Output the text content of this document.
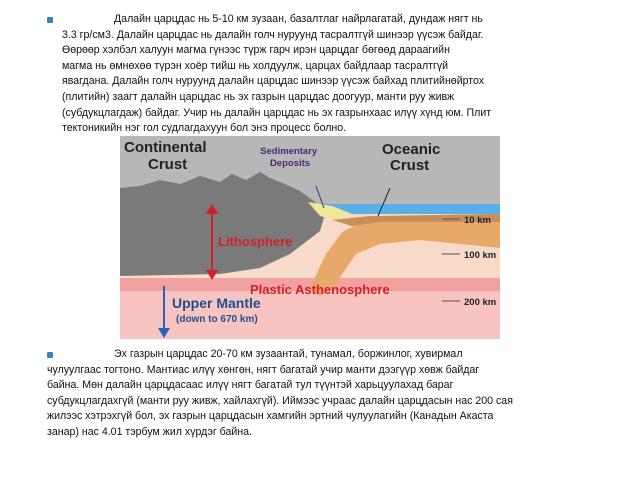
Далайн царцдас нь 5-10 км зузаан, базалтлаг найрлагатай, дундаж нягт нь
3.3 гр/см3. Далайн царцдас нь далайн голч нуруунд тасралтгүй шинээр үүсэж байдаг.
Өөрөөр хэлбэл халуун магма гүнээс түрж гарч ирэн царцдаг бөгөөд дараагийн
магма нь өмнөхөө түрэн хоёр тийш нь холдуулж, царцах байдлаар тасралтгүй
явагдана. Далайн голч нуруунд далайн царцдас шинээр үүсэж байхад плитийнөйртох
(плитийн) заагт далайн царцдас нь эх газрын царцдас доогуур, манти руу живж
(субдукцлагдаж) байдаг. Учир нь далайн царцдас нь эх газрынхаас илүү хүнд юм. Плит
тектоникийн нэг гол судлагдахуун бол энэ процесс болно.

Continental Crust
Sedimentary Deposits
Oceanic Crust
Lithosphere
Plastic Asthenosphere
Upper Mantle
(down to 670 km)
10 km
100 km
200 km

Эх газрын царцдас 20-70 км зузаантай, тунамал, боржинлог, хувирмал
чулуулгаас тогтоно. Мантиас илүү хөнгөн, нягт багатай учир манти дээгүүр хөвж байдаг
байна. Мөн далайн царцдасаас илүү нягт багатай тул түүнтэй харьцуулахад бараг
субдукцлагдахгүй (манти руу живж, хайлахгүй). Иймээс учраас далайн царцдасын нас 200 сая
жилээс хэтрэхгүй бол, эх газрын царцдасын хамгийн эртний чулуулагийн (Канадын Акаста
занар) нас 4.01 тэрбум жил хүрдэг байна.
